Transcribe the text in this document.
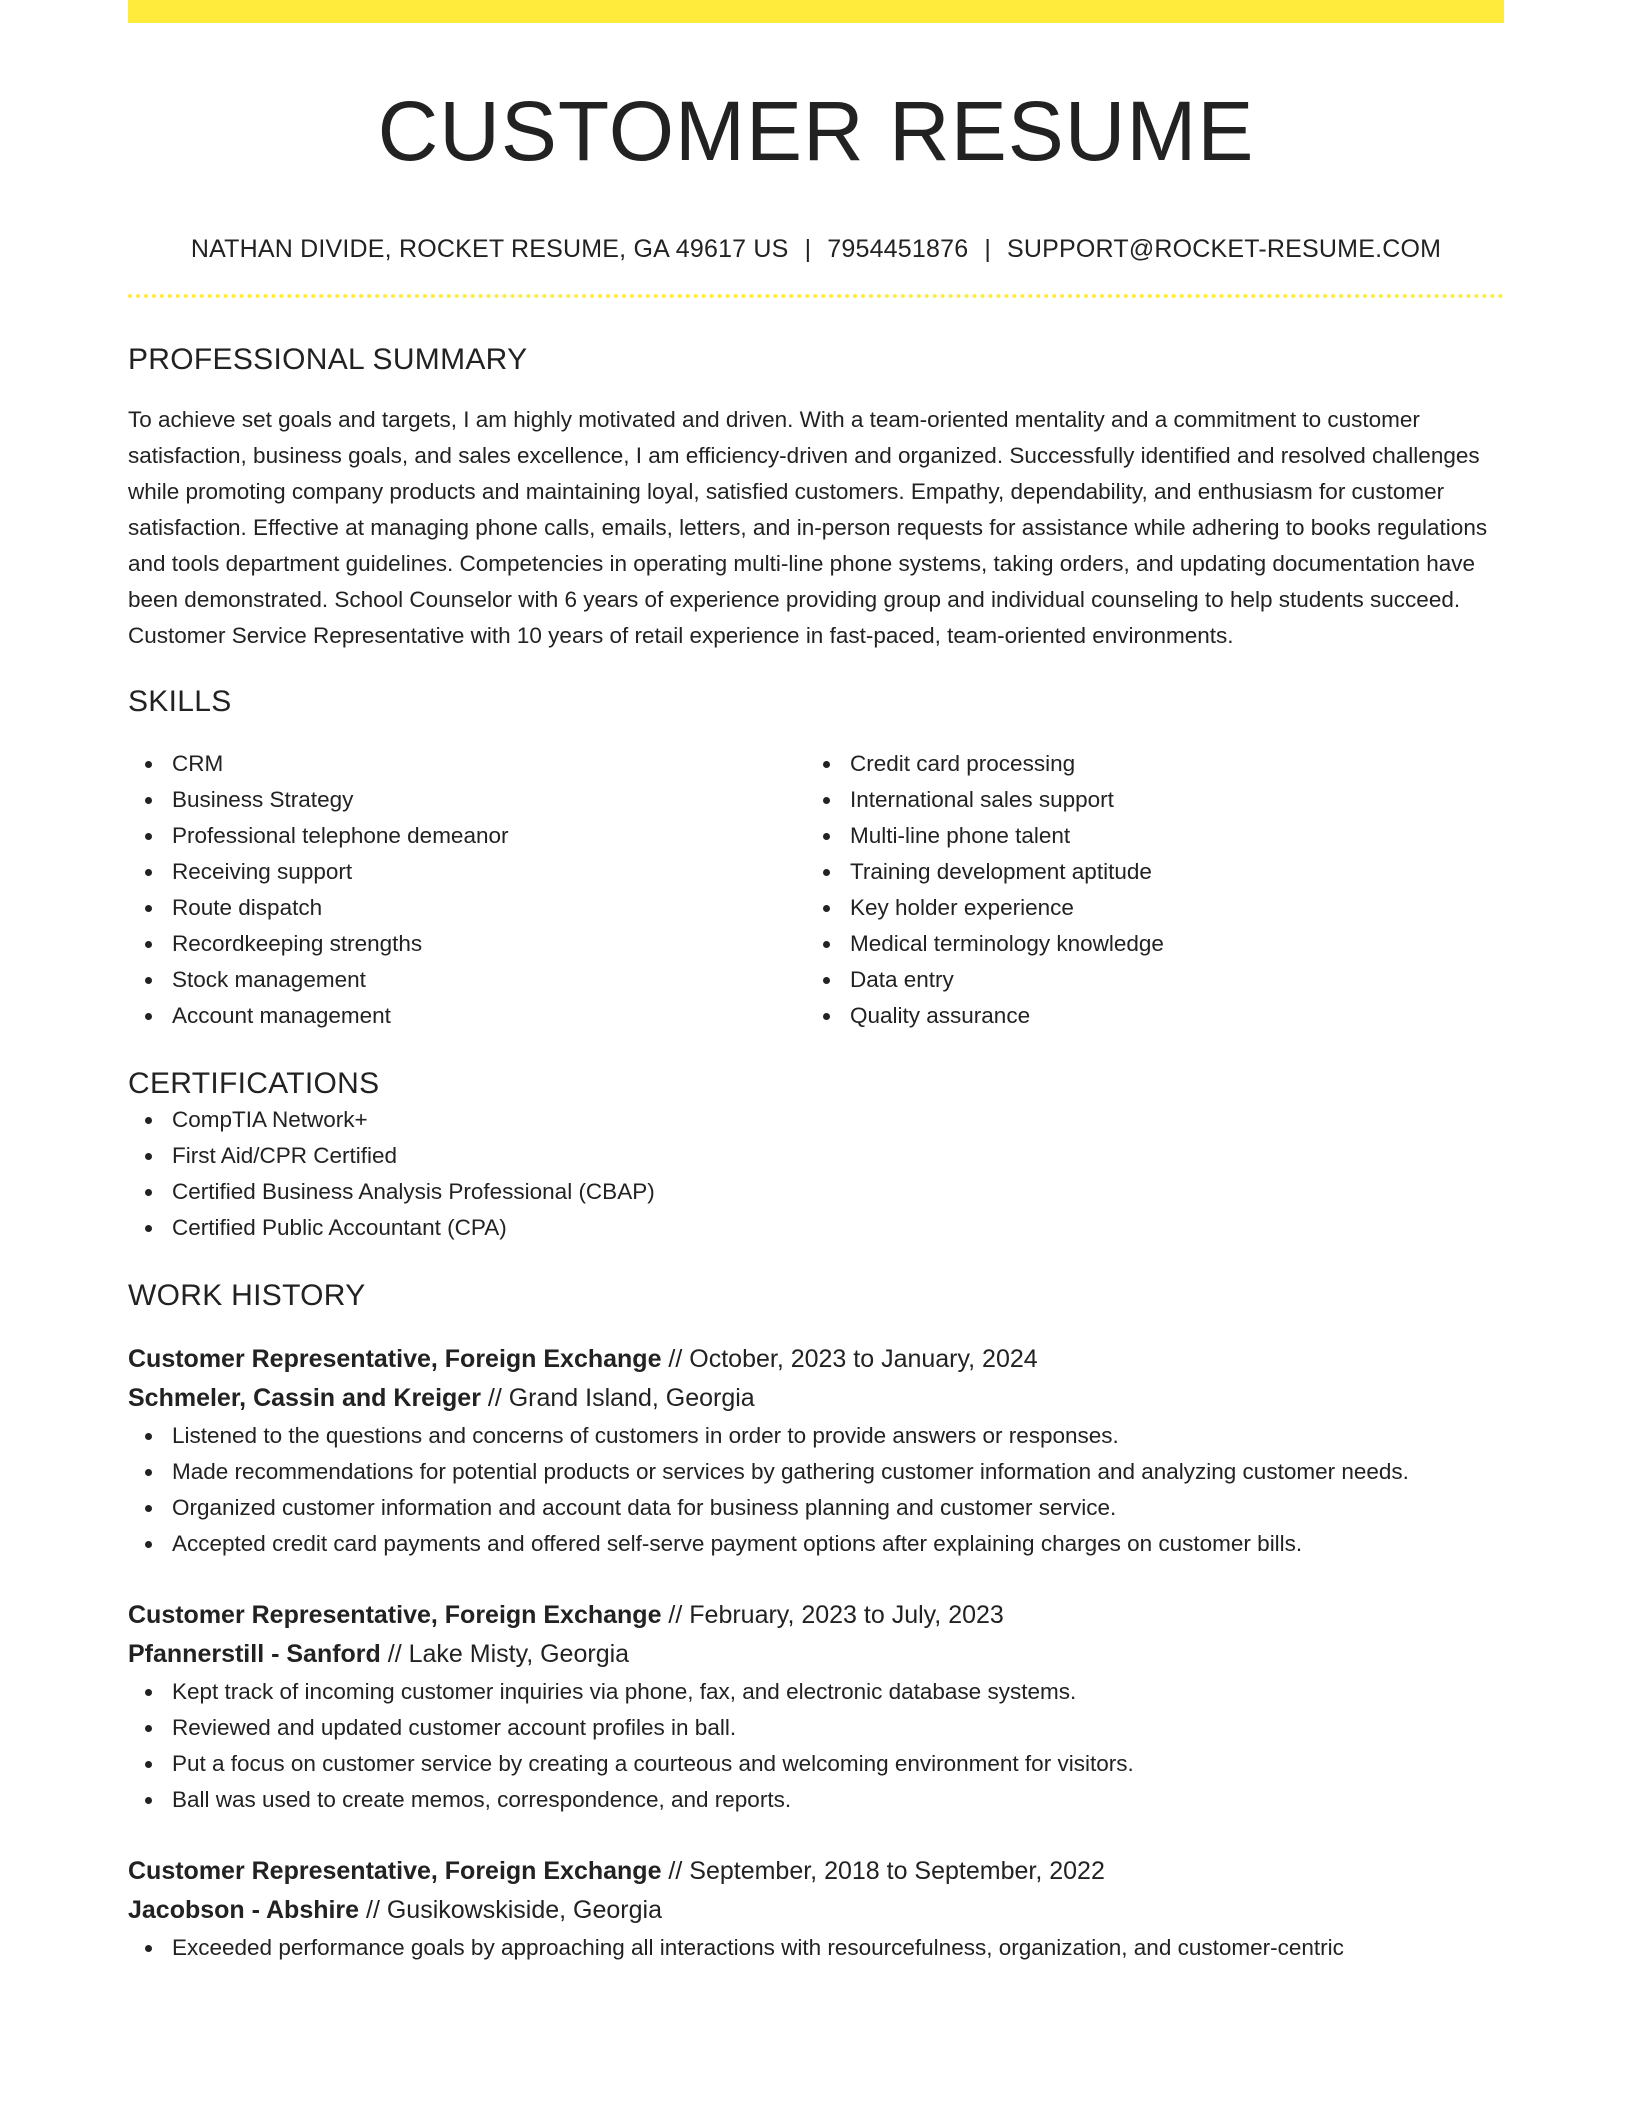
CUSTOMER RESUME
NATHAN DIVIDE, ROCKET RESUME, GA 49617 US | 7954451876 | SUPPORT@ROCKET-RESUME.COM
PROFESSIONAL SUMMARY
To achieve set goals and targets, I am highly motivated and driven. With a team-oriented mentality and a commitment to customer satisfaction, business goals, and sales excellence, I am efficiency-driven and organized. Successfully identified and resolved challenges while promoting company products and maintaining loyal, satisfied customers. Empathy, dependability, and enthusiasm for customer satisfaction. Effective at managing phone calls, emails, letters, and in-person requests for assistance while adhering to books regulations and tools department guidelines. Competencies in operating multi-line phone systems, taking orders, and updating documentation have been demonstrated. School Counselor with 6 years of experience providing group and individual counseling to help students succeed. Customer Service Representative with 10 years of retail experience in fast-paced, team-oriented environments.
SKILLS
CRM
Business Strategy
Professional telephone demeanor
Receiving support
Route dispatch
Recordkeeping strengths
Stock management
Account management
Credit card processing
International sales support
Multi-line phone talent
Training development aptitude
Key holder experience
Medical terminology knowledge
Data entry
Quality assurance
CERTIFICATIONS
CompTIA Network+
First Aid/CPR Certified
Certified Business Analysis Professional (CBAP)
Certified Public Accountant (CPA)
WORK HISTORY
Customer Representative, Foreign Exchange // October, 2023 to January, 2024
Schmeler, Cassin and Kreiger // Grand Island, Georgia
Listened to the questions and concerns of customers in order to provide answers or responses.
Made recommendations for potential products or services by gathering customer information and analyzing customer needs.
Organized customer information and account data for business planning and customer service.
Accepted credit card payments and offered self-serve payment options after explaining charges on customer bills.
Customer Representative, Foreign Exchange // February, 2023 to July, 2023
Pfannerstill - Sanford // Lake Misty, Georgia
Kept track of incoming customer inquiries via phone, fax, and electronic database systems.
Reviewed and updated customer account profiles in ball.
Put a focus on customer service by creating a courteous and welcoming environment for visitors.
Ball was used to create memos, correspondence, and reports.
Customer Representative, Foreign Exchange // September, 2018 to September, 2022
Jacobson - Abshire // Gusikowskiside, Georgia
Exceeded performance goals by approaching all interactions with resourcefulness, organization, and customer-centric
